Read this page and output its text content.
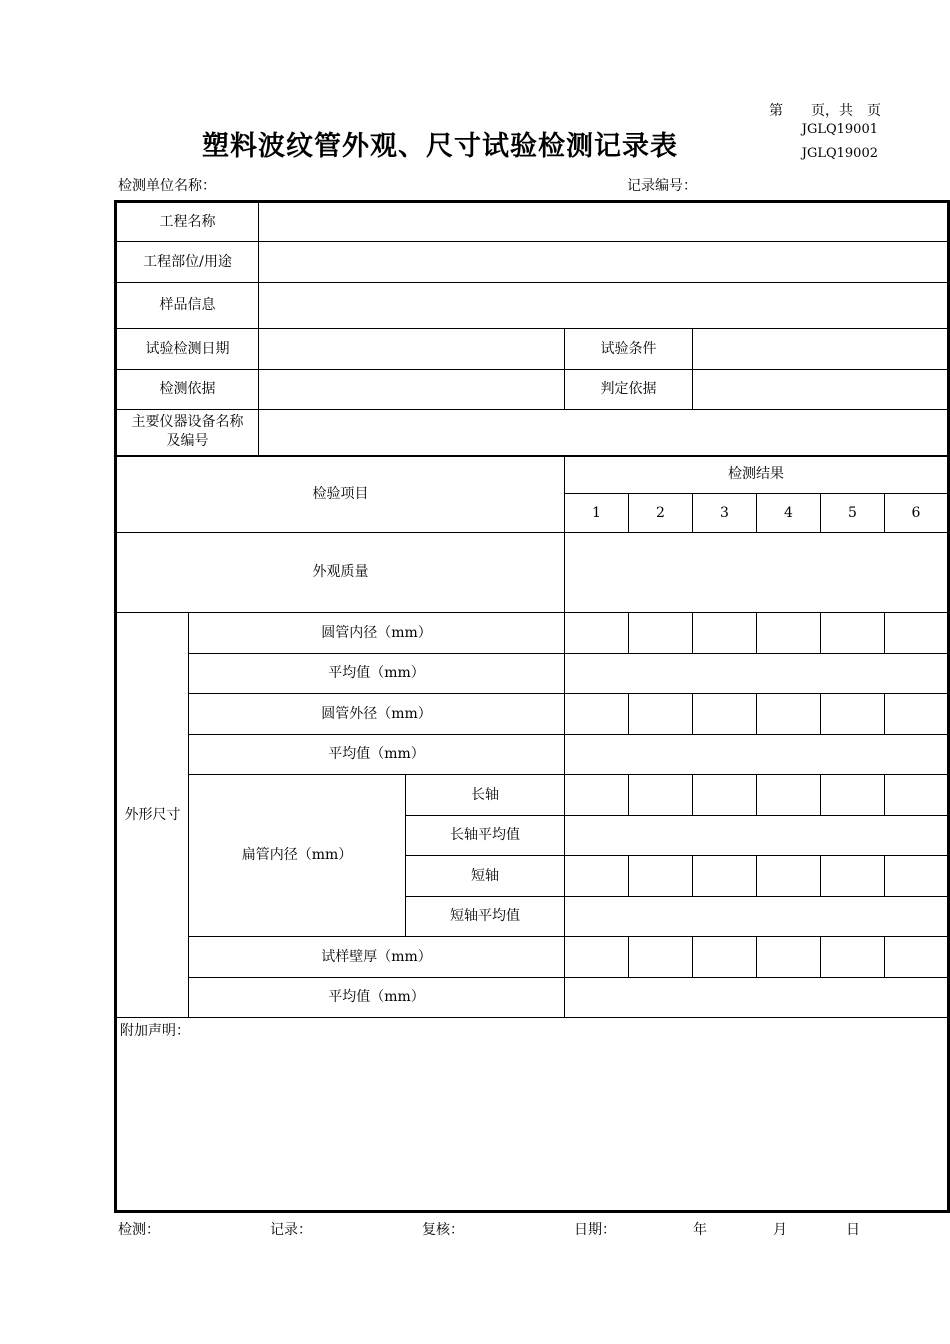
第　　页，共　页
JGLQ19001
JGLQ19002
塑料波纹管外观、尺寸试验检测记录表
检测单位名称：	记录编号：
工程名称									
工程部位/用途									
样品信息									
试验检测日期				试验条件					
检测依据				判定依据					

主要仪器设备名称
及编号									

检验项目				检测结果					
				1	2	3	4	5	6
外观质量									
外形尺寸	圆管内径（mm）								
	平均值（mm）								
	圆管外径（mm）								
	平均值（mm）								
	扁管内径（mm）		长轴						
			长轴平均值						
			短轴						
			短轴平均值						
	试样壁厚（mm）								
	平均值（mm）								
附加声明：									
检测：	记录：	复核：	日期：	年	月	日
